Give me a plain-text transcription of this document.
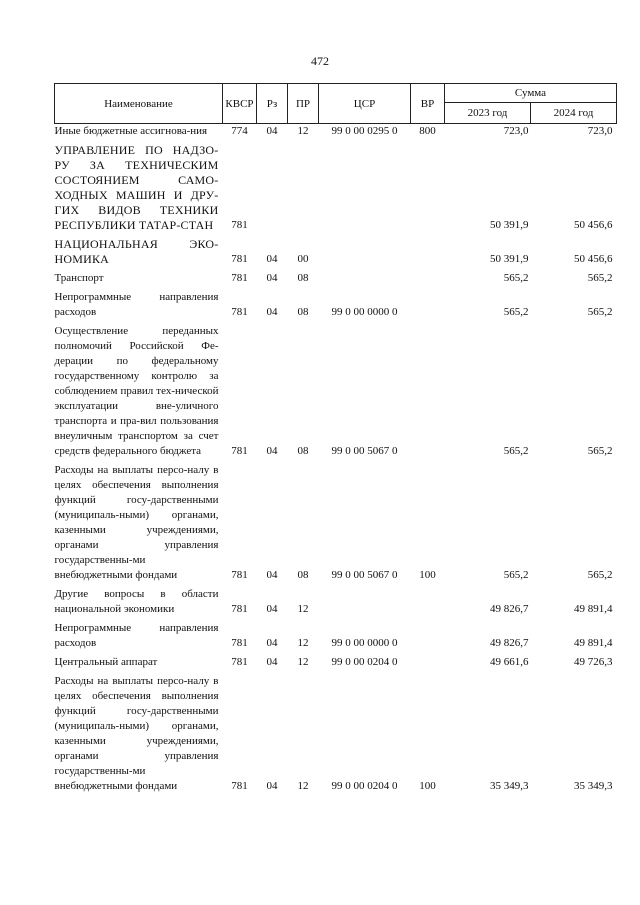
472
Наименование	КВСР	Рз	ПР	ЦСР	ВР	Сумма	
						2023 год	2024 год
Иные бюджетные ассигнова-ния	774	04	12	99 0 00 0295 0	800	723,0	723,0

УПРАВЛЕНИЕ ПО НАДЗО-РУ ЗА ТЕХНИЧЕСКИМ СОСТОЯНИЕМ САМО-ХОДНЫХ МАШИН И ДРУ-ГИХ ВИДОВ ТЕХНИКИ РЕСПУБЛИКИ ТАТАР-СТАН	781					50 391,9	50 456,6

НАЦИОНАЛЬНАЯ ЭКО-НОМИКА	781	04	00			50 391,9	50 456,6

Транспорт	781	04	08			565,2	565,2

Непрограммные направления расходов	781	04	08	99 0 00 0000 0		565,2	565,2

Осуществление переданных полномочий Российской Фе-дерации по федеральному государственному контролю за соблюдением правил тех-нической эксплуатации вне-уличного транспорта и пра-вил пользования внеуличным транспортом за счет средств федерального бюджета	781	04	08	99 0 00 5067 0		565,2	565,2

Расходы на выплаты персо-налу в целях обеспечения выполнения функций госу-дарственными (муниципаль-ными) органами, казенными учреждениями, органами управления государственны-ми внебюджетными фондами	781	04	08	99 0 00 5067 0	100	565,2	565,2

Другие вопросы в области национальной экономики	781	04	12			49 826,7	49 891,4

Непрограммные направления расходов	781	04	12	99 0 00 0000 0		49 826,7	49 891,4

Центральный аппарат	781	04	12	99 0 00 0204 0		49 661,6	49 726,3

Расходы на выплаты персо-налу в целях обеспечения выполнения функций госу-дарственными (муниципаль-ными) органами, казенными учреждениями, органами управления государственны-ми внебюджетными фондами	781	04	12	99 0 00 0204 0	100	35 349,3	35 349,3
